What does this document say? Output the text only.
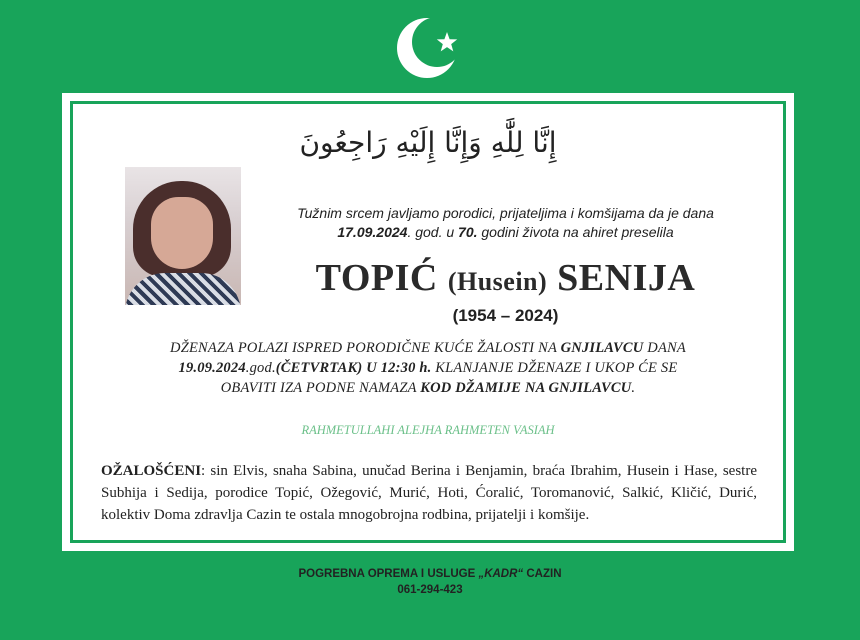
إِنَّا لِلَّٰهِ وَإِنَّا إِلَيْهِ رَاجِعُونَ
Tužnim srcem javljamo porodici, prijateljima i komšijama da je dana
17.09.2024. god. u 70. godini života na ahiret preselila
TOPIĆ (Husein) SENIJA
(1954 – 2024)
DŽENAZA POLAZI ISPRED PORODIČNE KUĆE ŽALOSTI NA GNJILAVCU DANA
19.09.2024.god.(ČETVRTAK) U 12:30 h. KLANJANJE DŽENAZE I UKOP ĆE SE
OBAVITI IZA PODNE NAMAZA KOD DŽAMIJE NA GNJILAVCU.
RAHMETULLAHI ALEJHA RAHMETEN VASIAH
OŽALOŠĆENI: sin Elvis, snaha Sabina, unučad Berina i Benjamin, braća Ibrahim, Husein i Hase, sestre Subhija i Sedija, porodice Topić, Ožegović, Murić, Hoti, Ćoralić, Toromanović, Salkić, Kličić, Durić, kolektiv Doma zdravlja Cazin te ostala mnogobrojna rodbina, prijatelji i komšije.
POGREBNA OPREMA I USLUGE „KADR“ CAZIN
061-294-423
